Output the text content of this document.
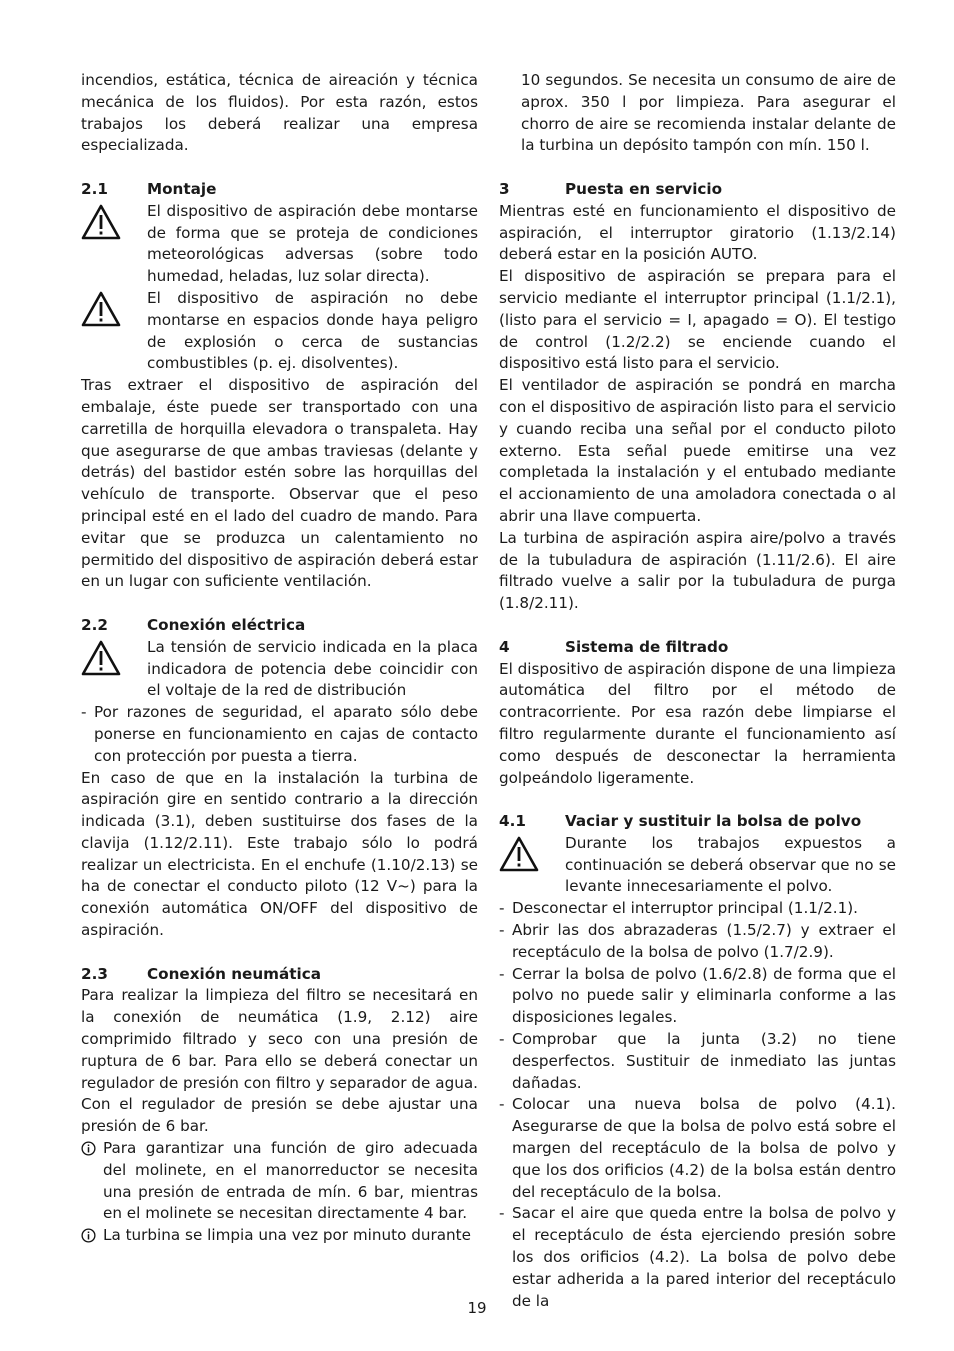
incendios, estática, técnica de aireación y técnica mecánica de los fluidos). Por esta razón, estos trabajos los deberá realizar una empresa especializada.

2.1	Montaje

El dispositivo de aspiración debe montarse de forma que se proteja de condiciones meteorológicas adversas (sobre todo humedad, heladas, luz solar directa).

El dispositivo de aspiración no debe montarse en espacios donde haya peligro de explosión o cerca de sustancias combustibles (p. ej. disolventes).

Tras extraer el dispositivo de aspiración del embalaje, éste puede ser transportado con una carretilla de horquilla elevadora o transpaleta. Hay que asegurarse de que ambas traviesas (delante y detrás) del bastidor estén sobre las horquillas del vehículo de transporte. Observar que el peso principal esté en el lado del cuadro de mando. Para evitar que se produzca un calentamiento no permitido del dispositivo de aspiración deberá estar en un lugar con suficiente ventilación.

2.2	Conexión eléctrica

La tensión de servicio indicada en la placa indicadora de potencia debe coincidir con el voltaje de la red de distribución

- Por razones de seguridad, el aparato sólo debe ponerse en funcionamiento en cajas de contacto con protección por puesta a tierra.

En caso de que en la instalación la turbina de aspiración gire en sentido contrario a la dirección indicada (3.1), deben sustituirse dos fases de la clavija (1.12/2.11). Este trabajo sólo lo podrá realizar un electricista. En el enchufe (1.10/2.13) se ha de conectar el conducto piloto (12 V~) para la conexión automática ON/OFF del dispositivo de aspiración.

2.3	Conexión neumática

Para realizar la limpieza del filtro se necesitará en la conexión de neumática (1.9, 2.12) aire comprimido filtrado y seco con una presión de ruptura de 6 bar. Para ello se deberá conectar un regulador de presión con filtro y separador de agua. Con el regulador de presión se debe ajustar una presión de 6 bar.

Para garantizar una función de giro adecuada del molinete, en el manorreductor se necesita una presión de entrada de mín. 6 bar, mientras en el molinete se necesitan directamente 4 bar.

La turbina se limpia una vez por minuto durante

10 segundos. Se necesita un consumo de aire de aprox. 350 l por limpieza. Para asegurar el chorro de aire se recomienda instalar delante de la turbina un depósito tampón con mín. 150 l.

3	Puesta en servicio

Mientras esté en funcionamiento el dispositivo de aspiración, el interruptor giratorio (1.13/2.14) deberá estar en la posición AUTO.

El dispositivo de aspiración se prepara para el servicio mediante el interruptor principal (1.1/2.1), (listo para el servicio = I, apagado = O). El testigo de control (1.2/2.2) se enciende cuando el dispositivo está listo para el servicio.

El ventilador de aspiración se pondrá en marcha con el dispositivo de aspiración listo para el servicio y cuando reciba una señal por el conducto piloto externo. Esta señal puede emitirse una vez completada la instalación y el entubado mediante el accionamiento de una amoladora conectada o al abrir una llave compuerta.

La turbina de aspiración aspira aire/polvo a través de la tubuladura de aspiración (1.11/2.6). El aire filtrado vuelve a salir por la tubuladura de purga (1.8/2.11).

4	Sistema de filtrado

El dispositivo de aspiración dispone de una limpieza automática del filtro por el método de contracorriente. Por esa razón debe limpiarse el filtro regularmente durante el funcionamiento así como después de desconectar la herramienta golpeándolo ligeramente.

4.1	Vaciar y sustituir la bolsa de polvo

Durante los trabajos expuestos a continuación se deberá observar que no se levante innecesariamente el polvo.

- Desconectar el interruptor principal (1.1/2.1).

- Abrir las dos abrazaderas (1.5/2.7) y extraer el receptáculo de la bolsa de polvo (1.7/2.9).

- Cerrar la bolsa de polvo (1.6/2.8) de forma que el polvo no puede salir y eliminarla conforme a las disposiciones legales.

- Comprobar que la junta (3.2) no tiene desperfectos. Sustituir de inmediato las juntas dañadas.

- Colocar una nueva bolsa de polvo (4.1). Asegurarse de que la bolsa de polvo está sobre el margen del receptáculo de la bolsa de polvo y que los dos orificios (4.2) de la bolsa están dentro del receptáculo de la bolsa.

- Sacar el aire que queda entre la bolsa de polvo y el receptáculo de ésta ejerciendo presión sobre los dos orificios (4.2). La bolsa de polvo debe estar adherida a la pared interior del receptáculo de la

19
